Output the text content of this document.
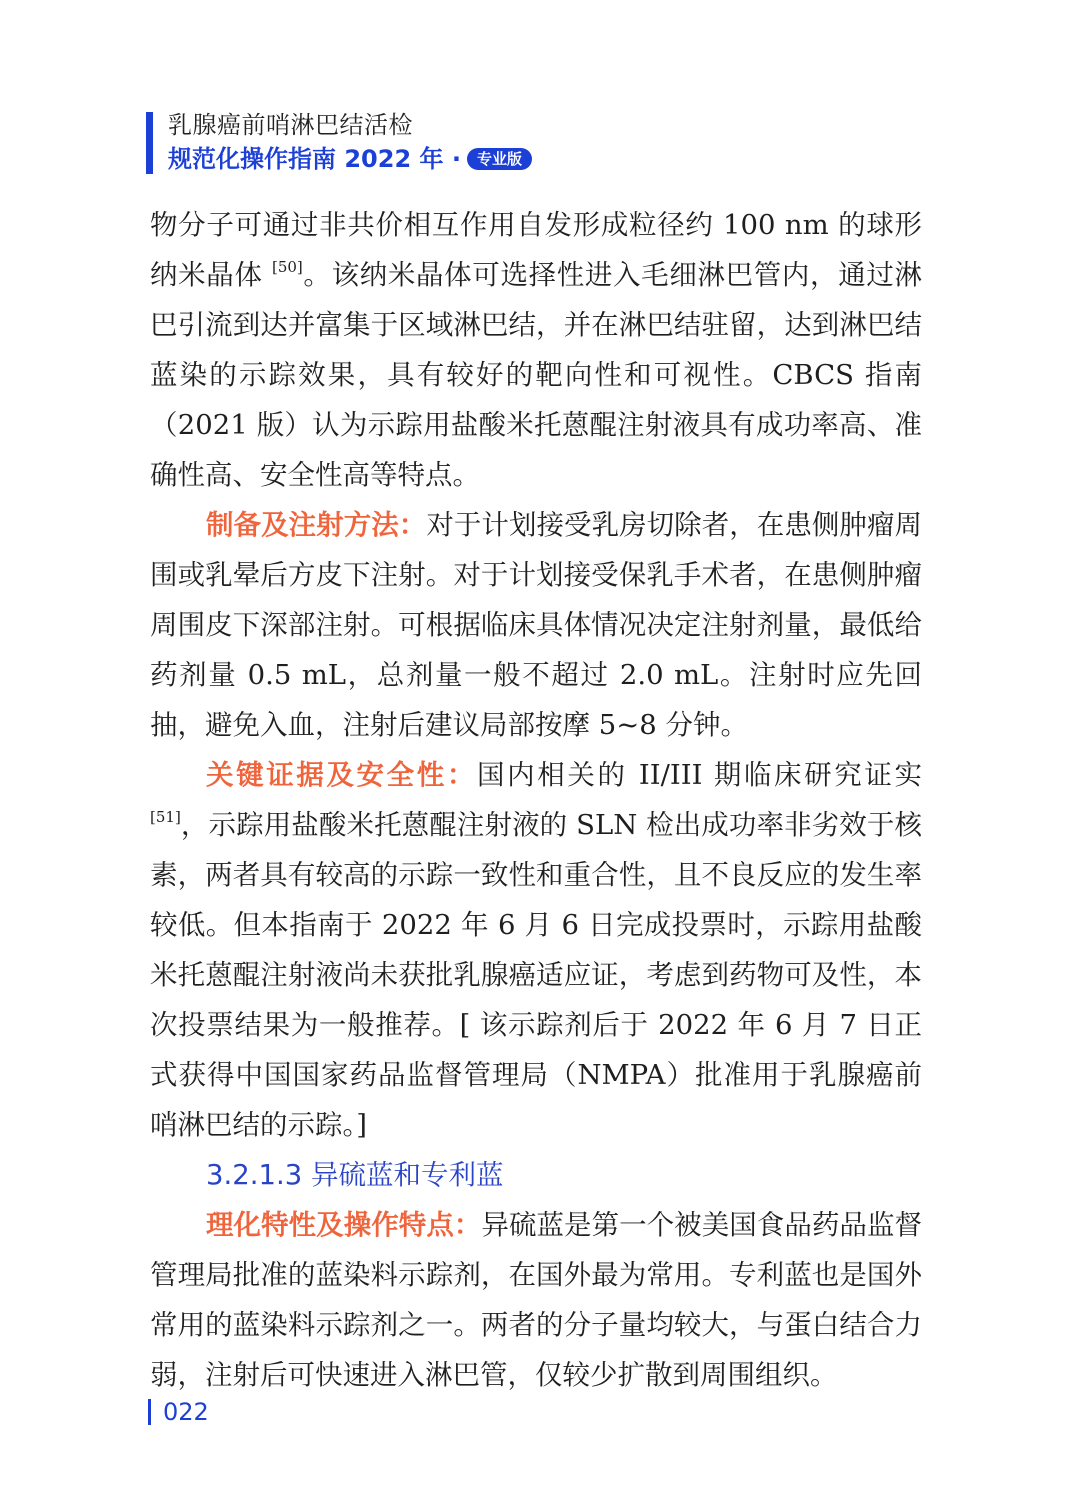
乳腺癌前哨淋巴结活检
规范化操作指南 2022 年 ·	专业版

物分子可通过非共价相互作用自发形成粒径约 100 nm 的球形纳米晶体 [50]。该纳米晶体可选择性进入毛细淋巴管内，通过淋巴引流到达并富集于区域淋巴结，并在淋巴结驻留，达到淋巴结蓝染的示踪效果，具有较好的靶向性和可视性。CBCS 指南（2021 版）认为示踪用盐酸米托蒽醌注射液具有成功率高、准确性高、安全性高等特点。

制备及注射方法：对于计划接受乳房切除者，在患侧肿瘤周围或乳晕后方皮下注射。对于计划接受保乳手术者，在患侧肿瘤周围皮下深部注射。可根据临床具体情况决定注射剂量，最低给药剂量 0.5 mL，总剂量一般不超过 2.0 mL。注射时应先回抽，避免入血，注射后建议局部按摩 5~8 分钟。

关键证据及安全性：国内相关的 II/III 期临床研究证实 [51]，示踪用盐酸米托蒽醌注射液的 SLN 检出成功率非劣效于核素，两者具有较高的示踪一致性和重合性，且不良反应的发生率较低。但本指南于 2022 年 6 月 6 日完成投票时，示踪用盐酸米托蒽醌注射液尚未获批乳腺癌适应证，考虑到药物可及性，本次投票结果为一般推荐。[ 该示踪剂后于 2022 年 6 月 7 日正式获得中国国家药品监督管理局（NMPA）批准用于乳腺癌前哨淋巴结的示踪。]

3.2.1.3 异硫蓝和专利蓝

理化特性及操作特点：异硫蓝是第一个被美国食品药品监督管理局批准的蓝染料示踪剂，在国外最为常用。专利蓝也是国外常用的蓝染料示踪剂之一。两者的分子量均较大，与蛋白结合力弱，注射后可快速进入淋巴管，仅较少扩散到周围组织。

022
